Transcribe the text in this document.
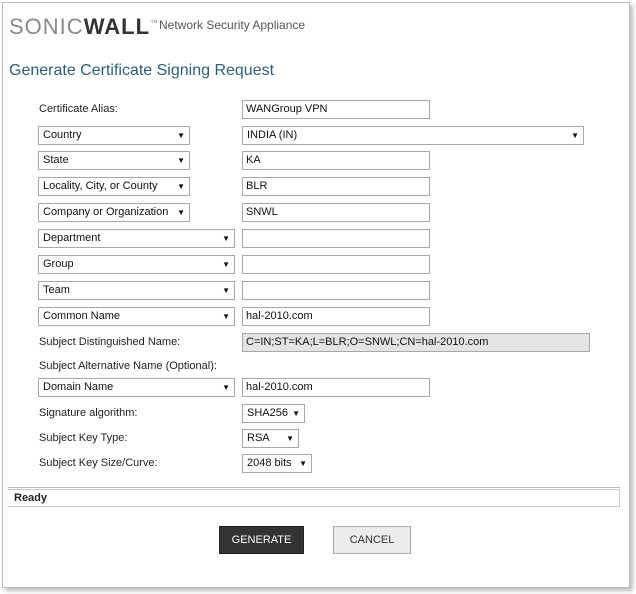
SONICWALL™ Network Security Appliance
Generate Certificate Signing Request
Certificate Alias:	WANGroup VPN
Country	▼	INDIA (IN)	▼
State	▼	KA
Locality, City, or County ▼	BLR
Company or Organization ▼	SNWL
Department	▼
Group	▼
Team	▼
Common Name	▼	hal-2010.com
Subject Distinguished Name:	C=IN;ST=KA;L=BLR;O=SNWL;CN=hal-2010.com
Subject Alternative Name (Optional):
Domain Name	▼	hal-2010.com
Signature algorithm:	SHA256 ▼
Subject Key Type:	RSA ▼
Subject Key Size/Curve:	2048 bits ▼
Ready
GENERATE	CANCEL
